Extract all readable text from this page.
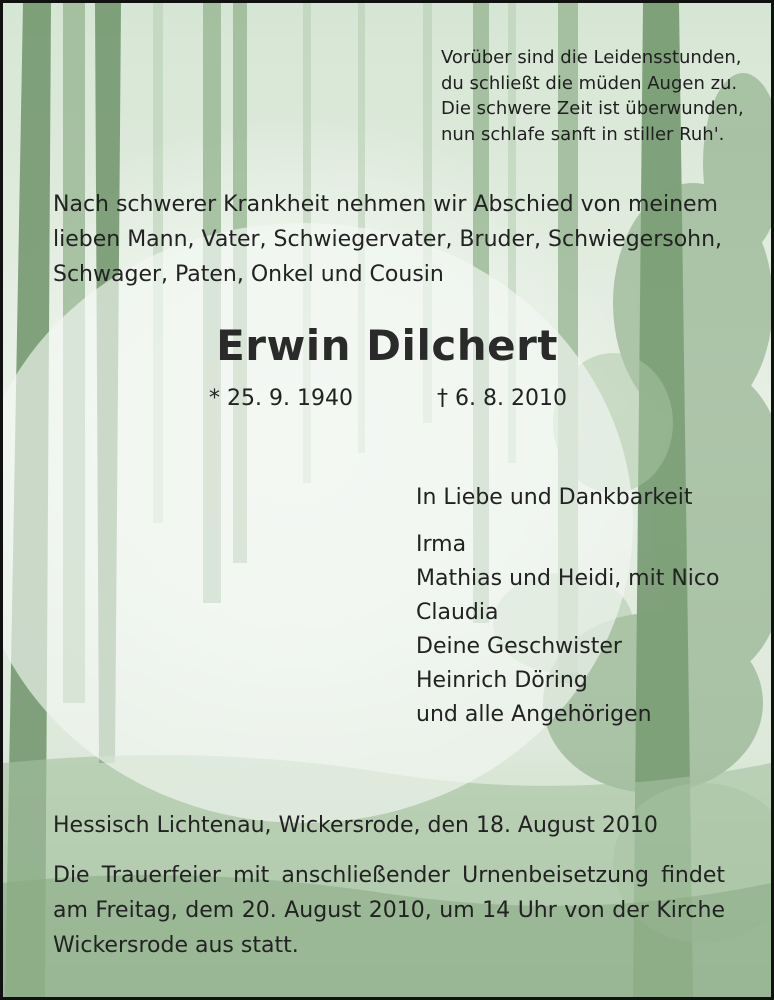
Vorüber sind die Leidensstunden,
du schließt die müden Augen zu.
Die schwere Zeit ist überwunden,
nun schlafe sanft in stiller Ruh'.
Nach schwerer Krankheit nehmen wir Abschied von meinem
lieben Mann, Vater, Schwiegervater, Bruder, Schwiegersohn,
Schwager, Paten, Onkel und Cousin
Erwin Dilchert
* 25. 9. 1940	† 6. 8. 2010
In Liebe und Dankbarkeit
Irma
Mathias und Heidi, mit Nico
Claudia
Deine Geschwister
Heinrich Döring
und alle Angehörigen
Hessisch Lichtenau, Wickersrode, den 18. August 2010
Die Trauerfeier mit anschließender Urnenbeisetzung findet
am Freitag, dem 20. August 2010, um 14 Uhr von der Kirche
Wickersrode aus statt.
